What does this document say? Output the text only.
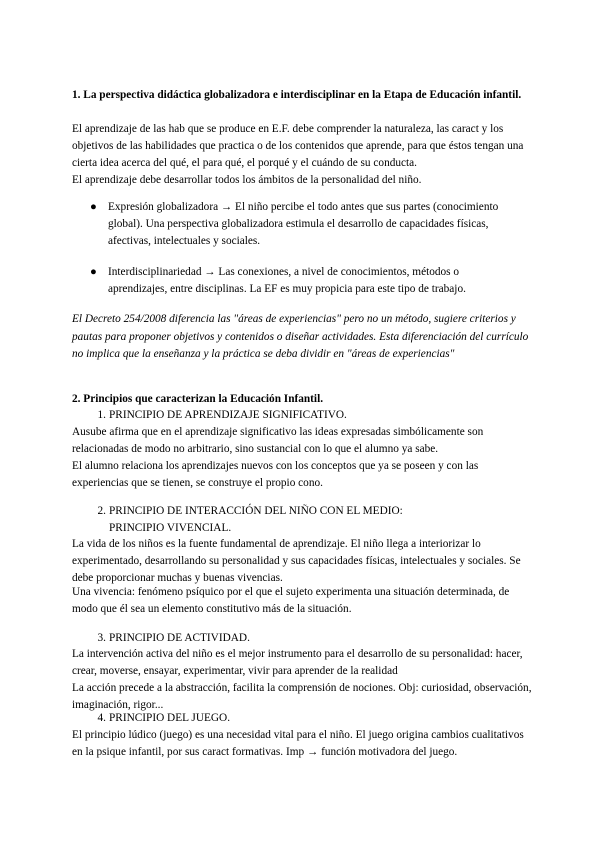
1. La perspectiva didáctica globalizadora e interdisciplinar en la Etapa de Educación infantil.

El aprendizaje de las hab que se produce en E.F. debe comprender la naturaleza, las caract y los objetivos de las habilidades que practica o de los contenidos que aprende, para que éstos tengan una cierta idea acerca del qué, el para qué, el porqué y el cuándo de su conducta.

El aprendizaje debe desarrollar todos los ámbitos de la personalidad del niño.

● Expresión globalizadora → El niño percibe el todo antes que sus partes (conocimiento global). Una perspectiva globalizadora estimula el desarrollo de capacidades físicas, afectivas, intelectuales y sociales.

● Interdisciplinariedad → Las conexiones, a nivel de conocimientos, métodos o aprendizajes, entre disciplinas. La EF es muy propicia para este tipo de trabajo.

El Decreto 254/2008 diferencia las "áreas de experiencias" pero no un método, sugiere criterios y pautas para proponer objetivos y contenidos o diseñar actividades. Esta diferenciación del currículo no implica que la enseñanza y la práctica se deba dividir en "áreas de experiencias"

2. Principios que caracterizan la Educación Infantil.
1. PRINCIPIO DE APRENDIZAJE SIGNIFICATIVO.

Ausube afirma que en el aprendizaje significativo las ideas expresadas simbólicamente son relacionadas de modo no arbitrario, sino sustancial con lo que el alumno ya sabe.

El alumno relaciona los aprendizajes nuevos con los conceptos que ya se poseen y con las experiencias que se tienen, se construye el propio cono.

2. PRINCIPIO DE INTERACCIÓN DEL NIÑO CON EL MEDIO: PRINCIPIO VIVENCIAL.

La vida de los niños es la fuente fundamental de aprendizaje. El niño llega a interiorizar lo experimentado, desarrollando su personalidad y sus capacidades físicas, intelectuales y sociales. Se debe proporcionar muchas y buenas vivencias.

Una vivencia: fenómeno psíquico por el que el sujeto experimenta una situación determinada, de modo que él sea un elemento constitutivo más de la situación.

3. PRINCIPIO DE ACTIVIDAD.

La intervención activa del niño es el mejor instrumento para el desarrollo de su personalidad: hacer, crear, moverse, ensayar, experimentar, vivir para aprender de la realidad

La acción precede a la abstracción, facilita la comprensión de nociones. Obj: curiosidad, observación, imaginación, rigor...

4. PRINCIPIO DEL JUEGO.

El principio lúdico (juego) es una necesidad vital para el niño. El juego origina cambios cualitativos en la psique infantil, por sus caract formativas. Imp → función motivadora del juego.
